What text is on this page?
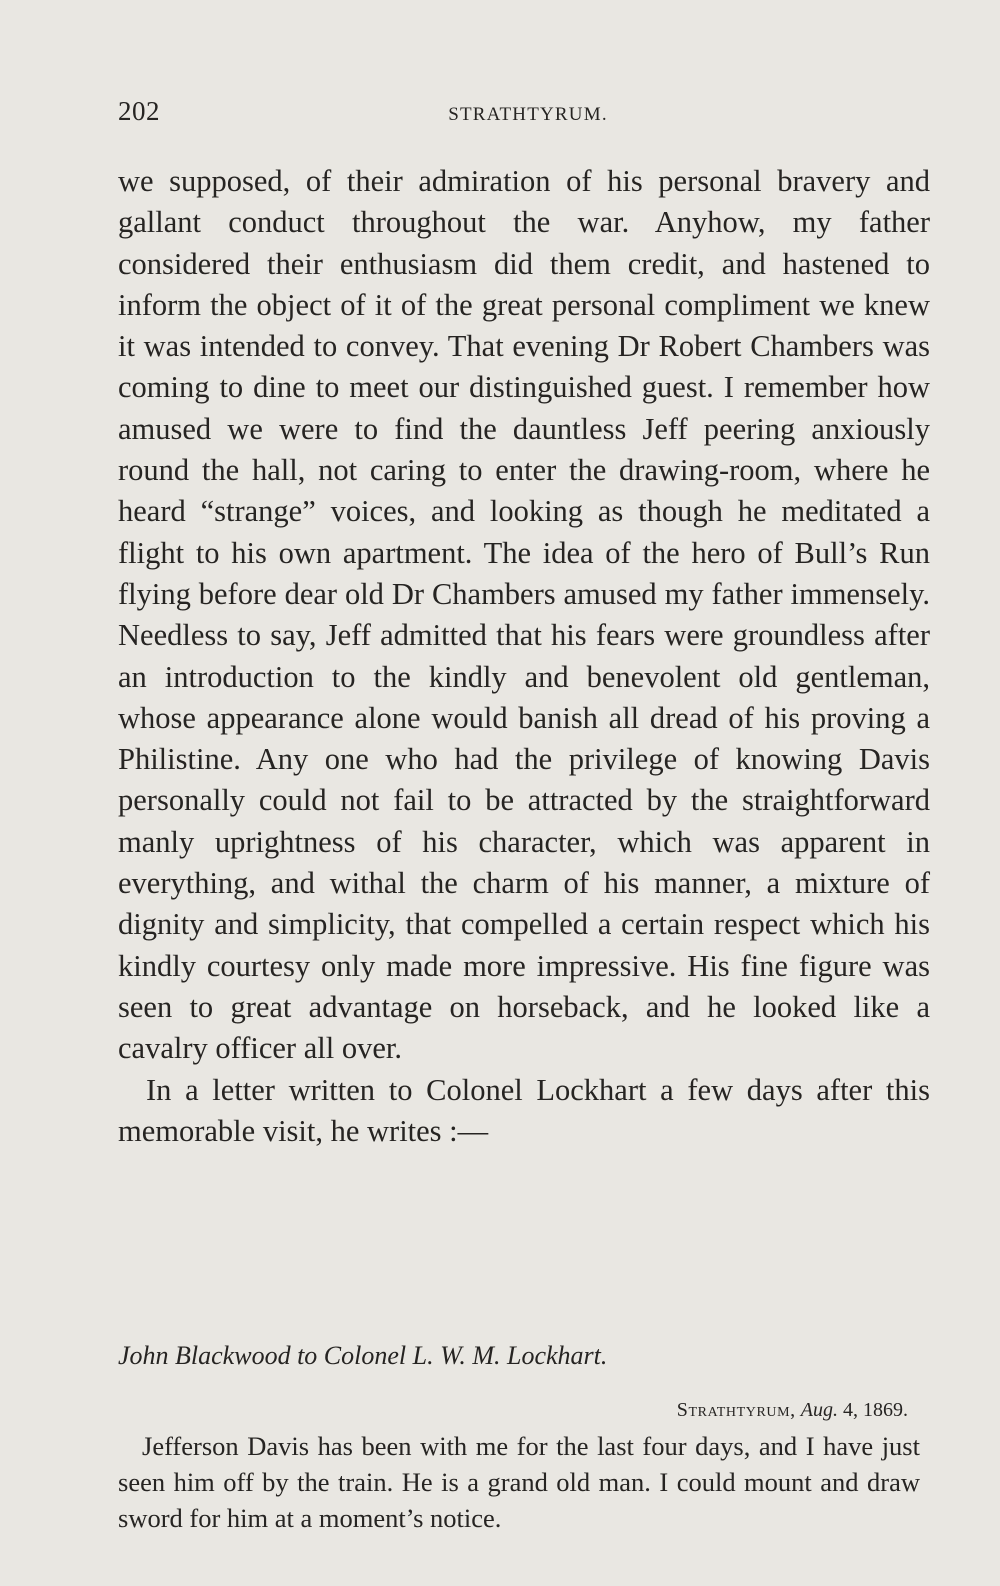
202	STRATHTYRUM.

we supposed, of their admiration of his personal bravery and gallant conduct throughout the war. Anyhow, my father considered their enthusiasm did them credit, and hastened to inform the object of it of the great personal compliment we knew it was intended to convey. That evening Dr Robert Chambers was coming to dine to meet our distinguished guest. I remember how amused we were to find the dauntless Jeff peering anxiously round the hall, not caring to enter the drawing-room, where he heard “strange” voices, and looking as though he meditated a flight to his own apartment. The idea of the hero of Bull’s Run flying before dear old Dr Chambers amused my father immensely. Needless to say, Jeff admitted that his fears were groundless after an introduction to the kindly and benevolent old gentleman, whose appearance alone would banish all dread of his proving a Philistine. Any one who had the privilege of knowing Davis personally could not fail to be attracted by the straightforward manly uprightness of his character, which was apparent in everything, and withal the charm of his manner, a mixture of dignity and simplicity, that compelled a certain respect which his kindly courtesy only made more impressive. His fine figure was seen to great advantage on horseback, and he looked like a cavalry officer all over.

In a letter written to Colonel Lockhart a few days after this memorable visit, he writes :—

John Blackwood to Colonel L. W. M. Lockhart.
Strathtyrum, Aug. 4, 1869.

Jefferson Davis has been with me for the last four days, and I have just seen him off by the train. He is a grand old man. I could mount and draw sword for him at a moment’s notice.
